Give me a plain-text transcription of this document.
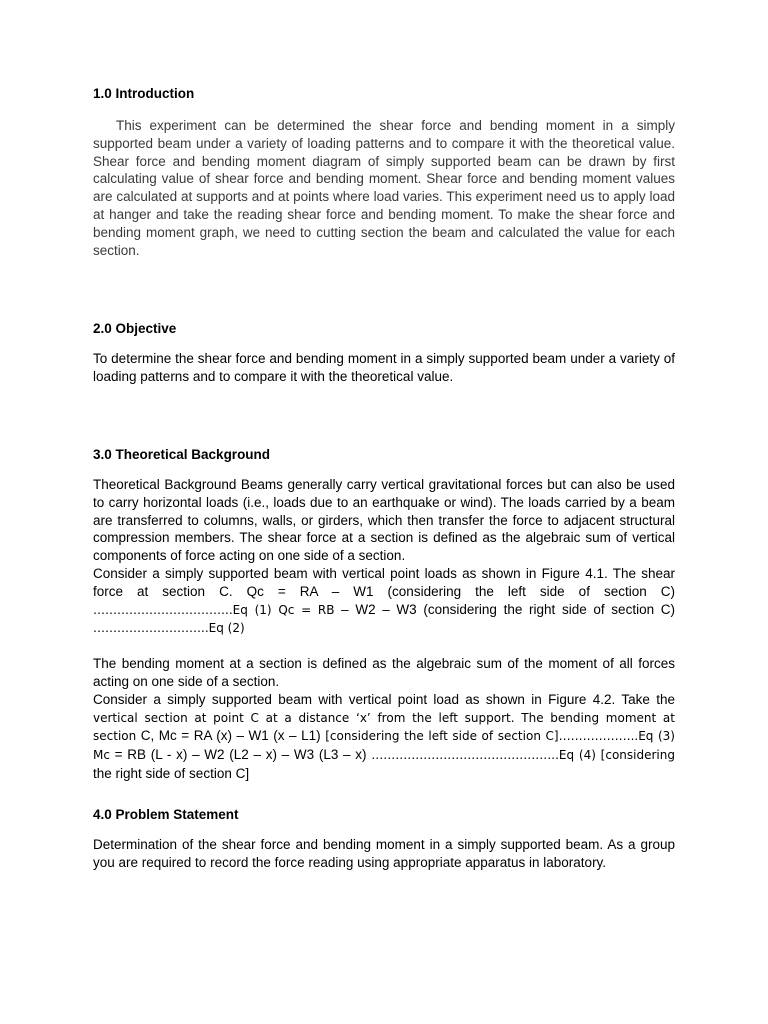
1.0 Introduction

This experiment can be determined the shear force and bending moment in a simply supported beam under a variety of loading patterns and to compare it with the theoretical value. Shear force and bending moment diagram of simply supported beam can be drawn by first calculating value of shear force and bending moment. Shear force and bending moment values are calculated at supports and at points where load varies. This experiment need us to apply load at hanger and take the reading shear force and bending moment. To make the shear force and bending moment graph, we need to cutting section the beam and calculated the value for each section.

2.0 Objective

To determine the shear force and bending moment in a simply supported beam under a variety of loading patterns and to compare it with the theoretical value.

3.0 Theoretical Background

Theoretical Background Beams generally carry vertical gravitational forces but can also be used to carry horizontal loads (i.e., loads due to an earthquake or wind). The loads carried by a beam are transferred to columns, walls, or girders, which then transfer the force to adjacent structural compression members. The shear force at a section is defined as the algebraic sum of vertical components of force acting on one side of a section.

Consider a simply supported beam with vertical point loads as shown in Figure 4.1. The shear force at section C. Qc = RA – W1 (considering the left side of section C) ……………………………..Eq (1) Qc = RB – W2 – W3 (considering the right side of section C) ………………………..Eq (2)

The bending moment at a section is defined as the algebraic sum of the moment of all forces acting on one side of a section.

Consider a simply supported beam with vertical point load as shown in Figure 4.2. Take the vertical section at point C at a distance ‘x’ from the left support. The bending moment at section C, Mc = RA (x) – W1 (x – L1) [considering the left side of section C]………………..Eq (3) Mc = RB (L - x) – W2 (L2 – x) – W3 (L3 – x) ………………………………………..Eq (4) [considering the right side of section C]

4.0 Problem Statement

Determination of the shear force and bending moment in a simply supported beam. As a group you are required to record the force reading using appropriate apparatus in laboratory.
